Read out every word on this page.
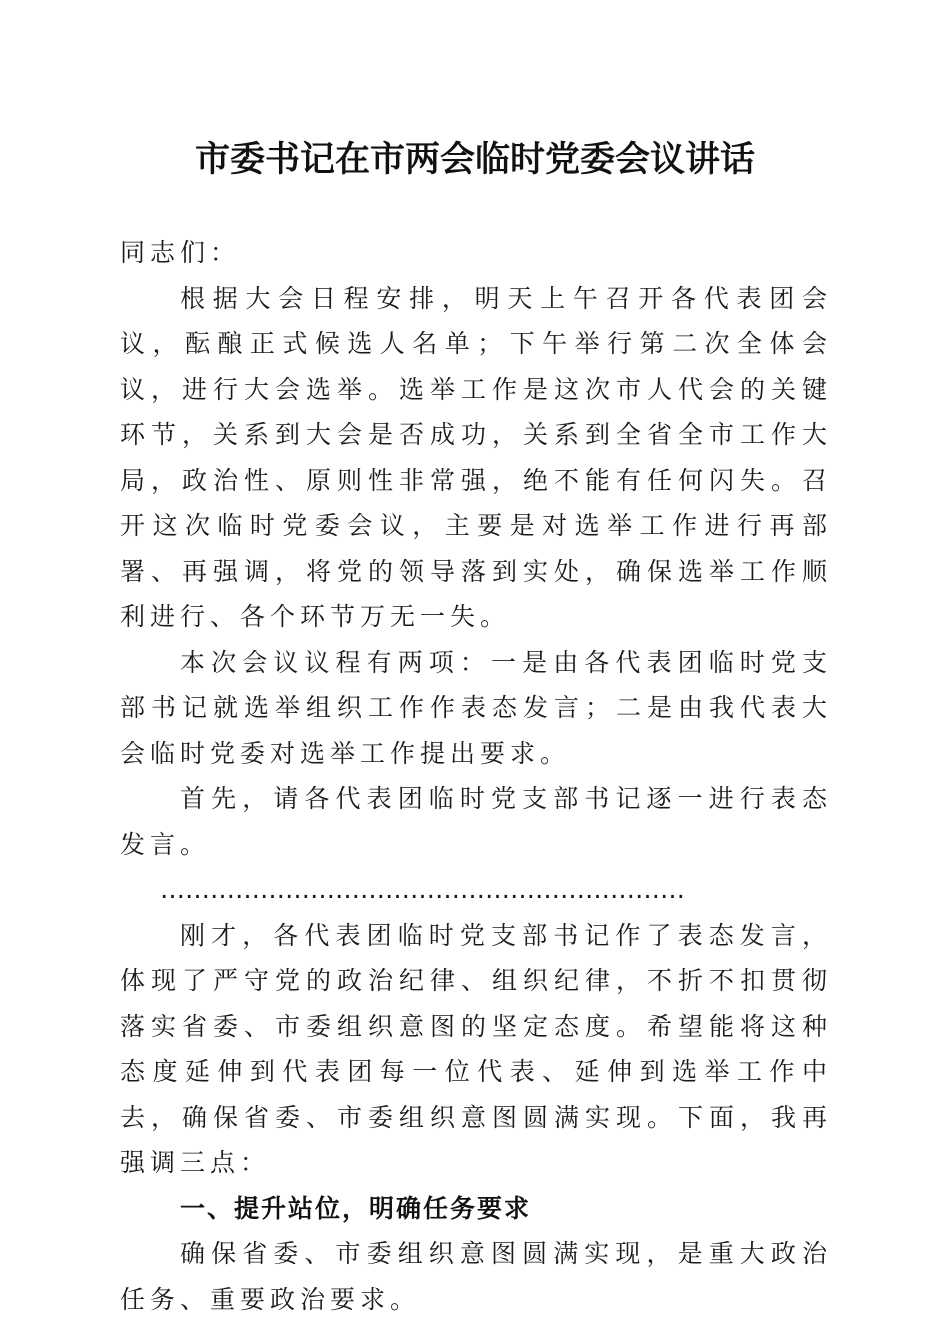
市委书记在市两会临时党委会议讲话

同志们：

根据大会日程安排，明天上午召开各代表团会议，酝酿正式候选人名单；下午举行第二次全体会议，进行大会选举。选举工作是这次市人代会的关键环节，关系到大会是否成功，关系到全省全市工作大局，政治性、原则性非常强，绝不能有任何闪失。召开这次临时党委会议，主要是对选举工作进行再部署、再强调，将党的领导落到实处，确保选举工作顺利进行、各个环节万无一失。

本次会议议程有两项：一是由各代表团临时党支部书记就选举组织工作作表态发言；二是由我代表大会临时党委对选举工作提出要求。

首先，请各代表团临时党支部书记逐一进行表态发言。

………………………………………………………

刚才，各代表团临时党支部书记作了表态发言，体现了严守党的政治纪律、组织纪律，不折不扣贯彻落实省委、市委组织意图的坚定态度。希望能将这种态度延伸到代表团每一位代表、延伸到选举工作中去，确保省委、市委组织意图圆满实现。下面，我再强调三点：

一、提升站位，明确任务要求

确保省委、市委组织意图圆满实现，是重大政治任务、重要政治要求。
